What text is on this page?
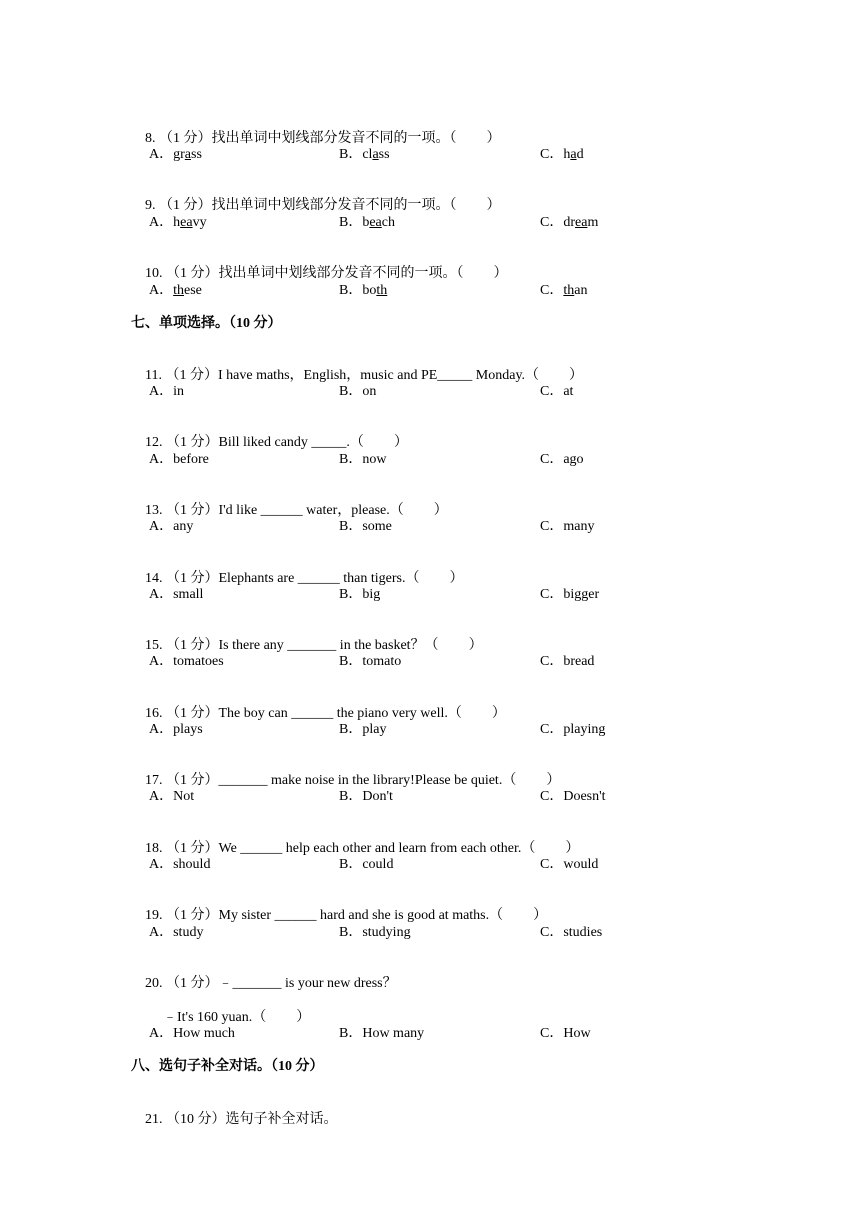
8. （1 分）找出单词中划线部分发音不同的一项。（ ）

A．grass	B．class	C．had

9. （1 分）找出单词中划线部分发音不同的一项。（ ）

A．heavy	B．beach	C．dream

10. （1 分）找出单词中划线部分发音不同的一项。（ ）

A．these	B．both	C．than
七、单项选择。（10 分）

11. （1 分）I have maths，English，music and PE_____ Monday.（ ）

A．in	B．on	C．at

12. （1 分）Bill liked candy _____.（ ）

A．before	B．now	C．ago

13. （1 分）I'd like ______ water，please.（ ）

A．any	B．some	C．many

14. （1 分）Elephants are ______ than tigers.（ ）

A．small	B．big	C．bigger

15. （1 分）Is there any _______ in the basket？（ ）

A．tomatoes	B．tomato	C．bread

16. （1 分）The boy can ______ the piano very well.（ ）

A．plays	B．play	C．playing

17. （1 分）_______ make noise in the library!Please be quiet.（ ）

A．Not	B．Don't	C．Doesn't

18. （1 分）We ______ help each other and learn from each other.（ ）

A．should	B．could	C．would

19. （1 分）My sister ______ hard and she is good at maths.（ ）

A．study	B．studying	C．studies

20. （1 分）﹣_______ is your new dress？

﹣It's 160 yuan.（ ）

A．How much	B．How many	C．How
八、选句子补全对话。（10 分）

21. （10 分）选句子补全对话。
